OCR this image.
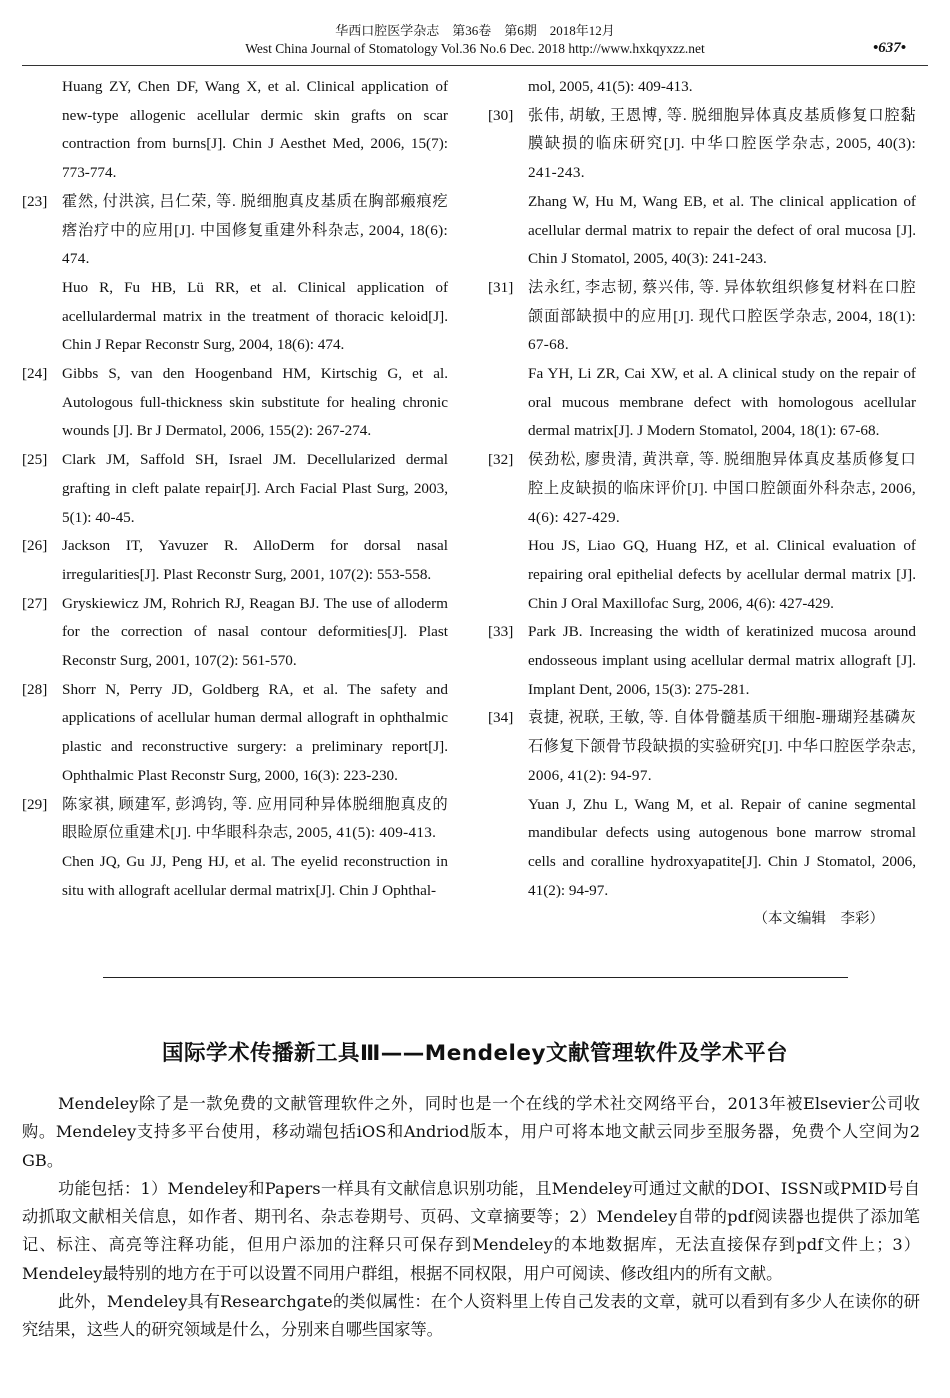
华西口腔医学杂志　第36卷　第6期　2018年12月
West China Journal of Stomatology Vol.36 No.6 Dec. 2018 http://www.hxkqyxzz.net	•637•
Huang ZY, Chen DF, Wang X, et al. Clinical application of new-type allogenic acellular dermic skin grafts on scar contraction from burns[J]. Chin J Aesthet Med, 2006, 15(7): 773-774.
[23] 霍然, 付洪滨, 吕仁荣, 等. 脱细胞真皮基质在胸部瘢痕疙瘩治疗中的应用[J]. 中国修复重建外科杂志, 2004, 18(6): 474.
Huo R, Fu HB, Lü RR, et al. Clinical application of acellulardermal matrix in the treatment of thoracic keloid[J]. Chin J Repar Reconstr Surg, 2004, 18(6): 474.
[24] Gibbs S, van den Hoogenband HM, Kirtschig G, et al. Autologous full-thickness skin substitute for healing chronic wounds [J]. Br J Dermatol, 2006, 155(2): 267-274.
[25] Clark JM, Saffold SH, Israel JM. Decellularized dermal grafting in cleft palate repair[J]. Arch Facial Plast Surg, 2003, 5(1): 40-45.
[26] Jackson IT, Yavuzer R. AlloDerm for dorsal nasal irregularities[J]. Plast Reconstr Surg, 2001, 107(2): 553-558.
[27] Gryskiewicz JM, Rohrich RJ, Reagan BJ. The use of alloderm for the correction of nasal contour deformities[J]. Plast Reconstr Surg, 2001, 107(2): 561-570.
[28] Shorr N, Perry JD, Goldberg RA, et al. The safety and applications of acellular human dermal allograft in ophthalmic plastic and reconstructive surgery: a preliminary report[J]. Ophthalmic Plast Reconstr Surg, 2000, 16(3): 223-230.
[29] 陈家祺, 顾建军, 彭鸿钧, 等. 应用同种异体脱细胞真皮的眼睑原位重建术[J]. 中华眼科杂志, 2005, 41(5): 409-413.
Chen JQ, Gu JJ, Peng HJ, et al. The eyelid reconstruction in situ with allograft acellular dermal matrix[J]. Chin J Ophthal-
mol, 2005, 41(5): 409-413.
[30] 张伟, 胡敏, 王恩博, 等. 脱细胞异体真皮基质修复口腔黏膜缺损的临床研究[J]. 中华口腔医学杂志, 2005, 40(3): 241-243.
Zhang W, Hu M, Wang EB, et al. The clinical application of acellular dermal matrix to repair the defect of oral mucosa [J]. Chin J Stomatol, 2005, 40(3): 241-243.
[31] 法永红, 李志韧, 蔡兴伟, 等. 异体软组织修复材料在口腔颌面部缺损中的应用[J]. 现代口腔医学杂志, 2004, 18(1): 67-68.
Fa YH, Li ZR, Cai XW, et al. A clinical study on the repair of oral mucous membrane defect with homologous acellular dermal matrix[J]. J Modern Stomatol, 2004, 18(1): 67-68.
[32] 侯劲松, 廖贵清, 黄洪章, 等. 脱细胞异体真皮基质修复口腔上皮缺损的临床评价[J]. 中国口腔颌面外科杂志, 2006, 4(6): 427-429.
Hou JS, Liao GQ, Huang HZ, et al. Clinical evaluation of repairing oral epithelial defects by acellular dermal matrix [J]. Chin J Oral Maxillofac Surg, 2006, 4(6): 427-429.
[33] Park JB. Increasing the width of keratinized mucosa around endosseous implant using acellular dermal matrix allograft [J]. Implant Dent, 2006, 15(3): 275-281.
[34] 袁捷, 祝联, 王敏, 等. 自体骨髓基质干细胞-珊瑚羟基磷灰石修复下颌骨节段缺损的实验研究[J]. 中华口腔医学杂志, 2006, 41(2): 94-97.
Yuan J, Zhu L, Wang M, et al. Repair of canine segmental mandibular defects using autogenous bone marrow stromal cells and coralline hydroxyapatite[J]. Chin J Stomatol, 2006, 41(2): 94-97.
（本文编辑　李彩）
国际学术传播新工具Ⅲ——Mendeley文献管理软件及学术平台

Mendeley除了是一款免费的文献管理软件之外，同时也是一个在线的学术社交网络平台，2013年被Elsevier公司收购。Mendeley支持多平台使用，移动端包括iOS和Andriod版本，用户可将本地文献云同步至服务器，免费个人空间为2 GB。

功能包括：1）Mendeley和Papers一样具有文献信息识别功能，且Mendeley可通过文献的DOI、ISSN或PMID号自动抓取文献相关信息，如作者、期刊名、杂志卷期号、页码、文章摘要等；2）Mendeley自带的pdf阅读器也提供了添加笔记、标注、高亮等注释功能，但用户添加的注释只可保存到Mendeley的本地数据库，无法直接保存到pdf文件上；3）Mendeley最特别的地方在于可以设置不同用户群组，根据不同权限，用户可阅读、修改组内的所有文献。

此外，Mendeley具有Researchgate的类似属性：在个人资料里上传自己发表的文章，就可以看到有多少人在读你的研究结果，这些人的研究领域是什么，分别来自哪些国家等。
